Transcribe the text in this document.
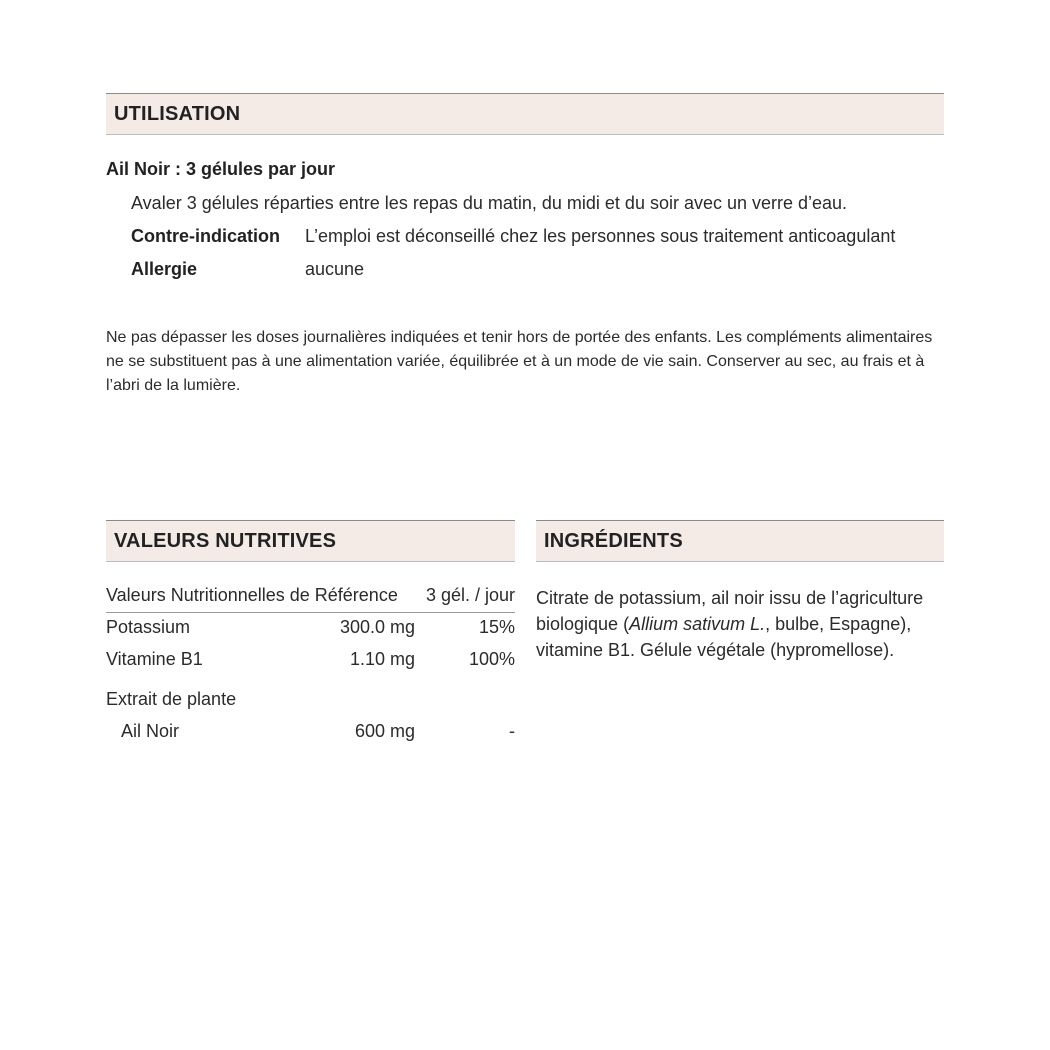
UTILISATION
Ail Noir : 3 gélules par jour
Avaler 3 gélules réparties entre les repas du matin, du midi et du soir avec un verre d’eau.
Contre-indication L’emploi est déconseillé chez les personnes sous traitement anticoagulant
Allergie	aucune
Ne pas dépasser les doses journalières indiquées et tenir hors de portée des enfants. Les compléments alimentaires ne se substituent pas à une alimentation variée, équilibrée et à un mode de vie sain. Conserver au sec, au frais et à l’abri de la lumière.
VALEURS NUTRITIVES
Valeurs Nutritionnelles de Référence 3 gél. / jour
Potassium	300.0 mg	15%
Vitamine B1	1.10 mg	100%
Extrait de plante
Ail Noir	600 mg	-
INGRÉDIENTS
Citrate de potassium, ail noir issu de l’agriculture biologique (Allium sativum L., bulbe, Espagne), vitamine B1. Gélule végétale (hypromellose).
